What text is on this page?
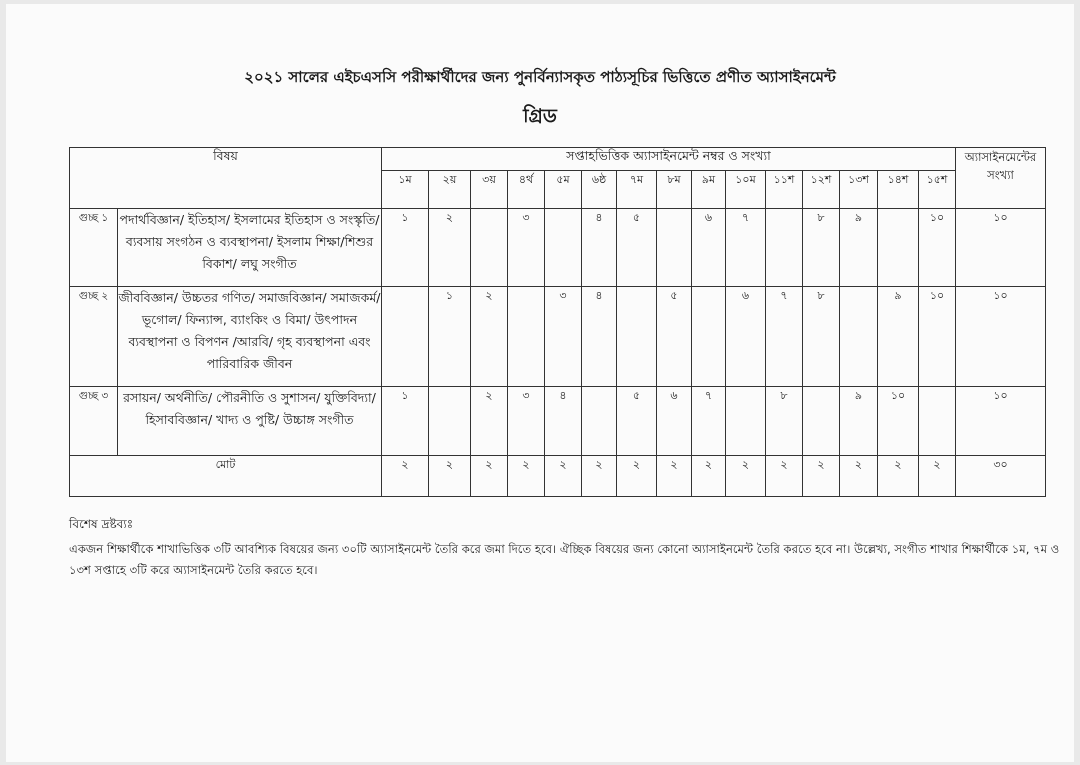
২০২১ সালের এইচএসসি পরীক্ষার্থীদের জন্য পুনর্বিন্যাসকৃত পাঠ্যসূচির ভিত্তিতে প্রণীত অ্যাসাইনমেন্ট
গ্রিড
বিষয়		সপ্তাহভিত্তিক অ্যাসাইনমেন্ট নম্বর ও সংখ্যা															অ্যাসাইনমেন্টের সংখ্যা
		১ম	২য়	৩য়	৪র্থ	৫ম	৬ষ্ঠ	৭ম	৮ম	৯ম	১০ম	১১শ	১২শ	১৩শ	১৪শ	১৫শ	
গুচ্ছ ১	পদার্থবিজ্ঞান/ ইতিহাস/ ইসলামের ইতিহাস ও সংস্কৃতি/ ব্যবসায় সংগঠন ও ব্যবস্থাপনা/ ইসলাম শিক্ষা/শিশুর বিকাশ/ লঘু সংগীত	১	২		৩		৪	৫		৬	৭		৮	৯		১০	১০
গুচ্ছ ২	জীববিজ্ঞান/ উচ্চতর গণিত/ সমাজবিজ্ঞান/ সমাজকর্ম/ ভূগোল/ ফিন্যান্স, ব্যাংকিং ও বিমা/ উৎপাদন ব্যবস্থাপনা ও বিপণন /আরবি/ গৃহ ব্যবস্থাপনা এবং পারিবারিক জীবন		১	২		৩	৪		৫		৬	৭	৮		৯	১০	১০
গুচ্ছ ৩	রসায়ন/ অর্থনীতি/ পৌরনীতি ও সুশাসন/ যুক্তিবিদ্যা/ হিসাববিজ্ঞান/ খাদ্য ও পুষ্টি/ উচ্চাঙ্গ সংগীত	১		২	৩	৪		৫	৬	৭		৮		৯	১০		১০
মোট		২	২	২	২	২	২	২	২	২	২	২	২	২	২	২	৩০
বিশেষ দ্রষ্টব্যঃ
একজন শিক্ষার্থীকে শাখাভিত্তিক ৩টি আবশ্যিক বিষয়ের জন্য ৩০টি অ্যাসাইনমেন্ট তৈরি করে জমা দিতে হবে। ঐচ্ছিক বিষয়ের জন্য কোনো অ্যাসাইনমেন্ট তৈরি করতে হবে না। উল্লেখ্য, সংগীত শাখার শিক্ষার্থীকে ১ম, ৭ম ও ১৩শ সপ্তাহে ৩টি করে অ্যাসাইনমেন্ট তৈরি করতে হবে।
